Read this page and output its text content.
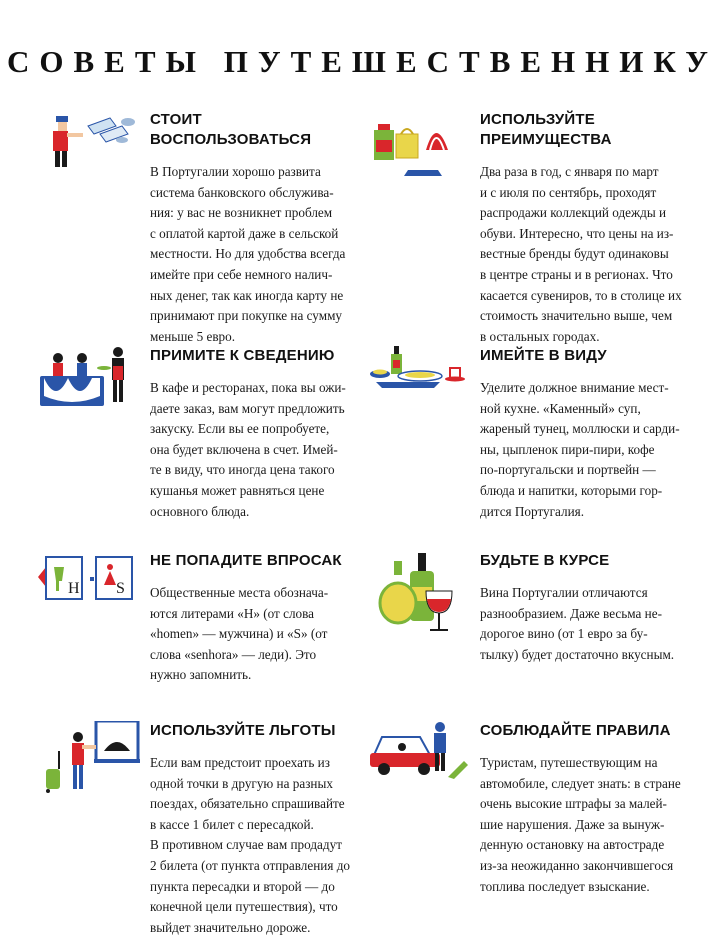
СОВЕТЫ ПУТЕШЕСТВЕННИКУ
СТОИТ
ВОСПОЛЬЗОВАТЬСЯ

В Португалии хорошо развита
система банковского обслужива-
ния: у вас не возникнет проблем
с оплатой картой даже в сельской
местности. Но для удобства всегда
имейте при себе немного налич-
ных денег, так как иногда карту не
принимают при покупке на сумму
меньше 5 евро.

ИСПОЛЬЗУЙТЕ
ПРЕИМУЩЕСТВА

Два раза в год, с января по март
и с июля по сентябрь, проходят
распродажи коллекций одежды и
обуви. Интересно, что цены на из-
вестные бренды будут одинаковы
в центре страны и в регионах. Что
касается сувениров, то в столице их
стоимость значительно выше, чем
в остальных городах.

ПРИМИТЕ К СВЕДЕНИЮ

В кафе и ресторанах, пока вы ожи-
даете заказ, вам могут предложить
закуску. Если вы ее попробуете,
она будет включена в счет. Имей-
те в виду, что иногда цена такого
кушанья может равняться цене
основного блюда.

ИМЕЙТЕ В ВИДУ

Уделите должное внимание мест-
ной кухне. «Каменный» суп,
жареный тунец, моллюски и сарди-
ны, цыпленок пири-пири, кофе
по-португальски и портвейн —
блюда и напитки, которыми гор-
дится Португалия.

H S
НЕ ПОПАДИТЕ ВПРОСАК

Общественные места обознача-
ются литерами «H» (от слова
«homen» — мужчина) и «S» (от
слова «senhora» — леди). Это
нужно запомнить.

БУДЬТЕ В КУРСЕ

Вина Португалии отличаются
разнообразием. Даже весьма не-
дорогое вино (от 1 евро за бу-
тылку) будет достаточно вкусным.

ИСПОЛЬЗУЙТЕ ЛЬГОТЫ

Если вам предстоит проехать из
одной точки в другую на разных
поездах, обязательно спрашивайте
в кассе 1 билет с пересадкой.
В противном случае вам продадут
2 билета (от пункта отправления до
пункта пересадки и второй — до
конечной цели путешествия), что
выйдет значительно дороже.

СОБЛЮДАЙТЕ ПРАВИЛА

Туристам, путешествующим на
автомобиле, следует знать: в стране
очень высокие штрафы за малей-
шие нарушения. Даже за вынуж-
денную остановку на автостраде
из-за неожиданно закончившегося
топлива последует взыскание.
